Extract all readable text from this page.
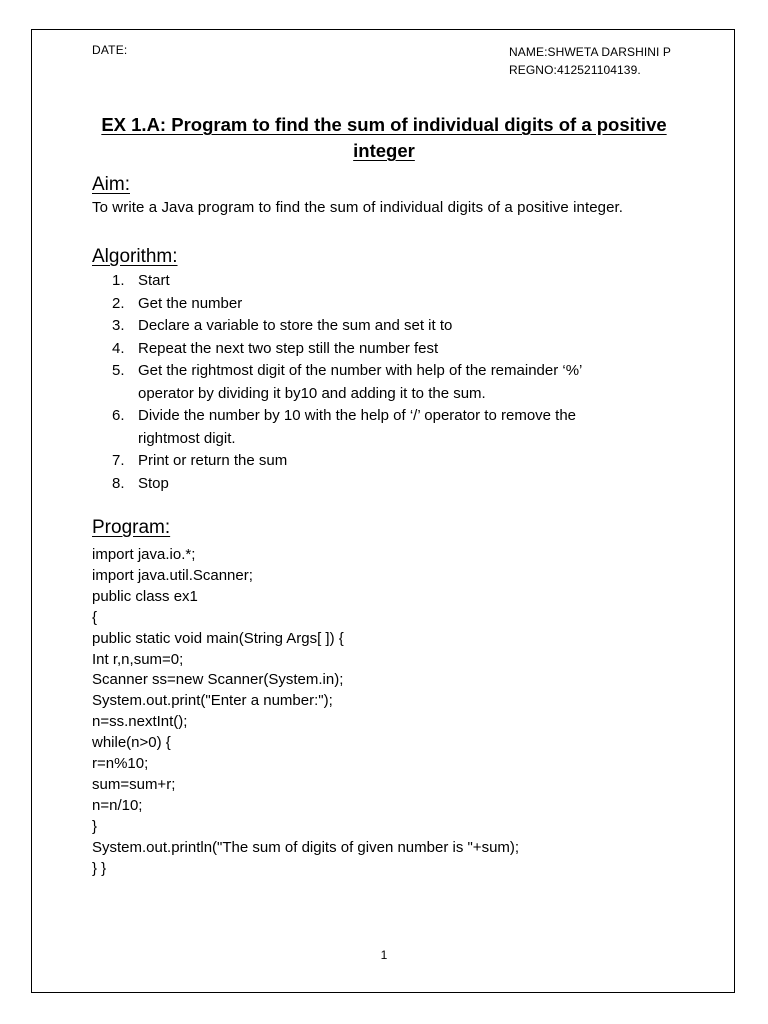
DATE:	NAME:SHWETA DARSHINI P
REGNO:412521104139.
EX 1.A: Program to find the sum of individual digits of a positive
integer
Aim:
To write a Java program to find the sum of individual digits of a positive integer.
Algorithm:
1. Start
2. Get the number
3. Declare a variable to store the sum and set it to
4. Repeat the next two step still the number fest
5. Get the rightmost digit of the number with help of the remainder ‘%’
operator by dividing it by10 and adding it to the sum.
6. Divide the number by 10 with the help of ‘/’ operator to remove the
rightmost digit.
7. Print or return the sum
8. Stop
Program:
import java.io.*;
import java.util.Scanner;
public class ex1
{
public static void main(String Args[ ]) {
Int r,n,sum=0;
Scanner ss=new Scanner(System.in);
System.out.print("Enter a number:");
n=ss.nextInt();
while(n>0) {
r=n%10;
sum=sum+r;
n=n/10;
}
System.out.println("The sum of digits of given number is "+sum);
} }
1
